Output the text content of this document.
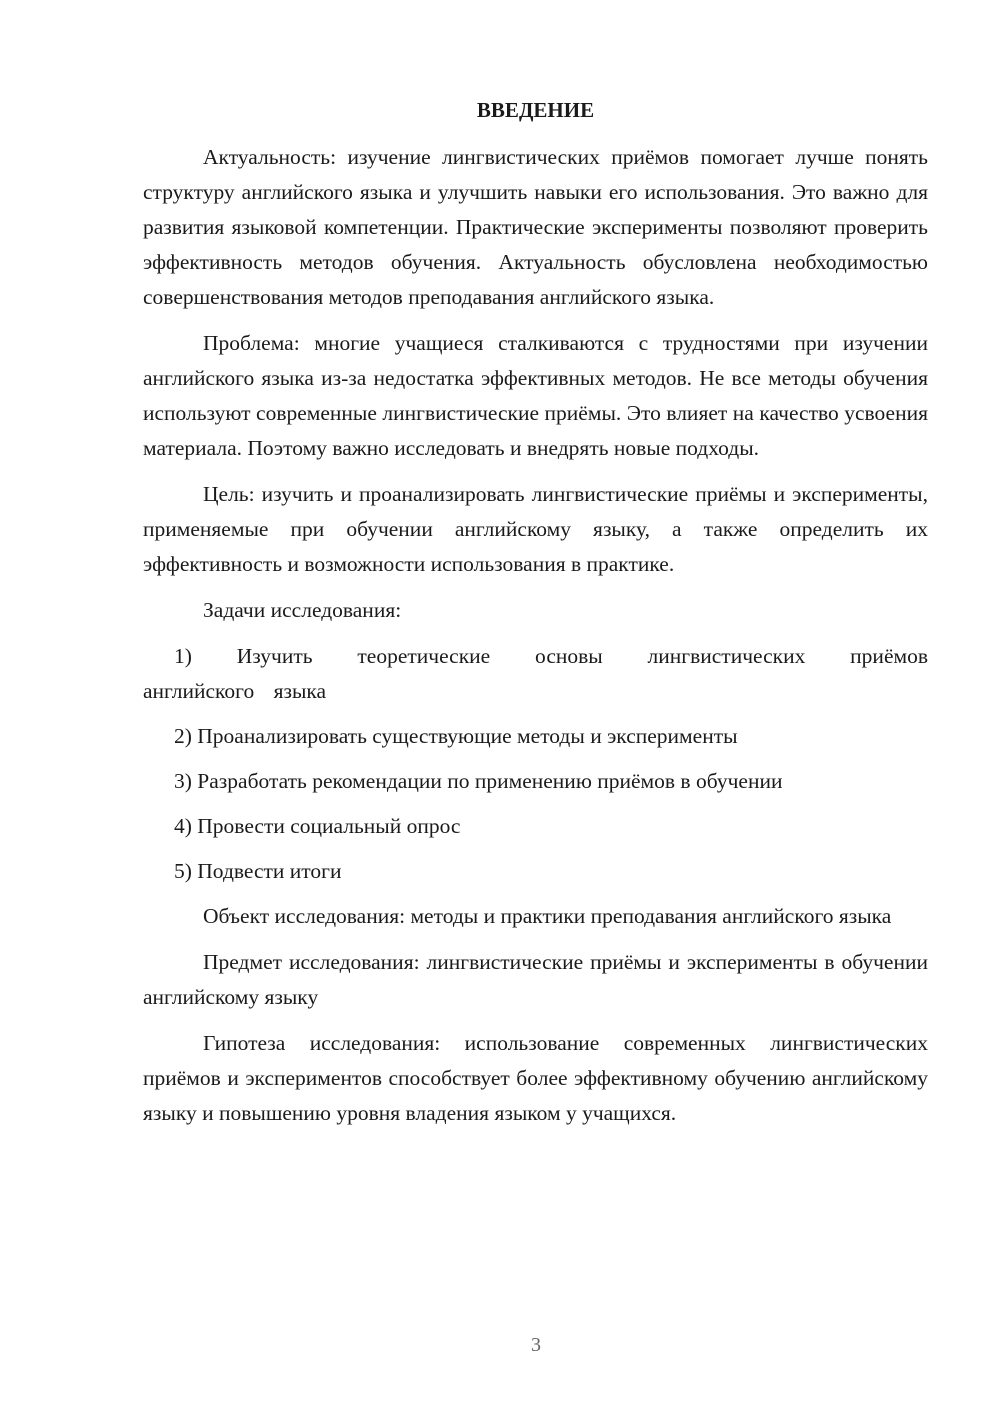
ВВЕДЕНИЕ

Актуальность: изучение лингвистических приёмов помогает лучше понять структуру английского языка и улучшить навыки его использования. Это важно для развития языковой компетенции. Практические эксперименты позволяют проверить эффективность методов обучения. Актуальность обусловлена необходимостью совершенствования методов преподавания английского языка.

Проблема: многие учащиеся сталкиваются с трудностями при изучении английского языка из-за недостатка эффективных методов. Не все методы обучения используют современные лингвистические приёмы. Это влияет на качество усвоения материала. Поэтому важно исследовать и внедрять новые подходы.

Цель: изучить и проанализировать лингвистические приёмы и эксперименты, применяемые при обучении английскому языку, а также определить их эффективность и возможности использования в практике.

Задачи исследования:

1) Изучить теоретические основы лингвистических приёмов английского языка

2) Проанализировать существующие методы и эксперименты

3) Разработать рекомендации по применению приёмов в обучении

4) Провести социальный опрос

5) Подвести итоги

Объект исследования: методы и практики преподавания английского языка

Предмет исследования: лингвистические приёмы и эксперименты в обучении английскому языку

Гипотеза исследования: использование современных лингвистических приёмов и экспериментов способствует более эффективному обучению английскому языку и повышению уровня владения языком у учащихся.

3
